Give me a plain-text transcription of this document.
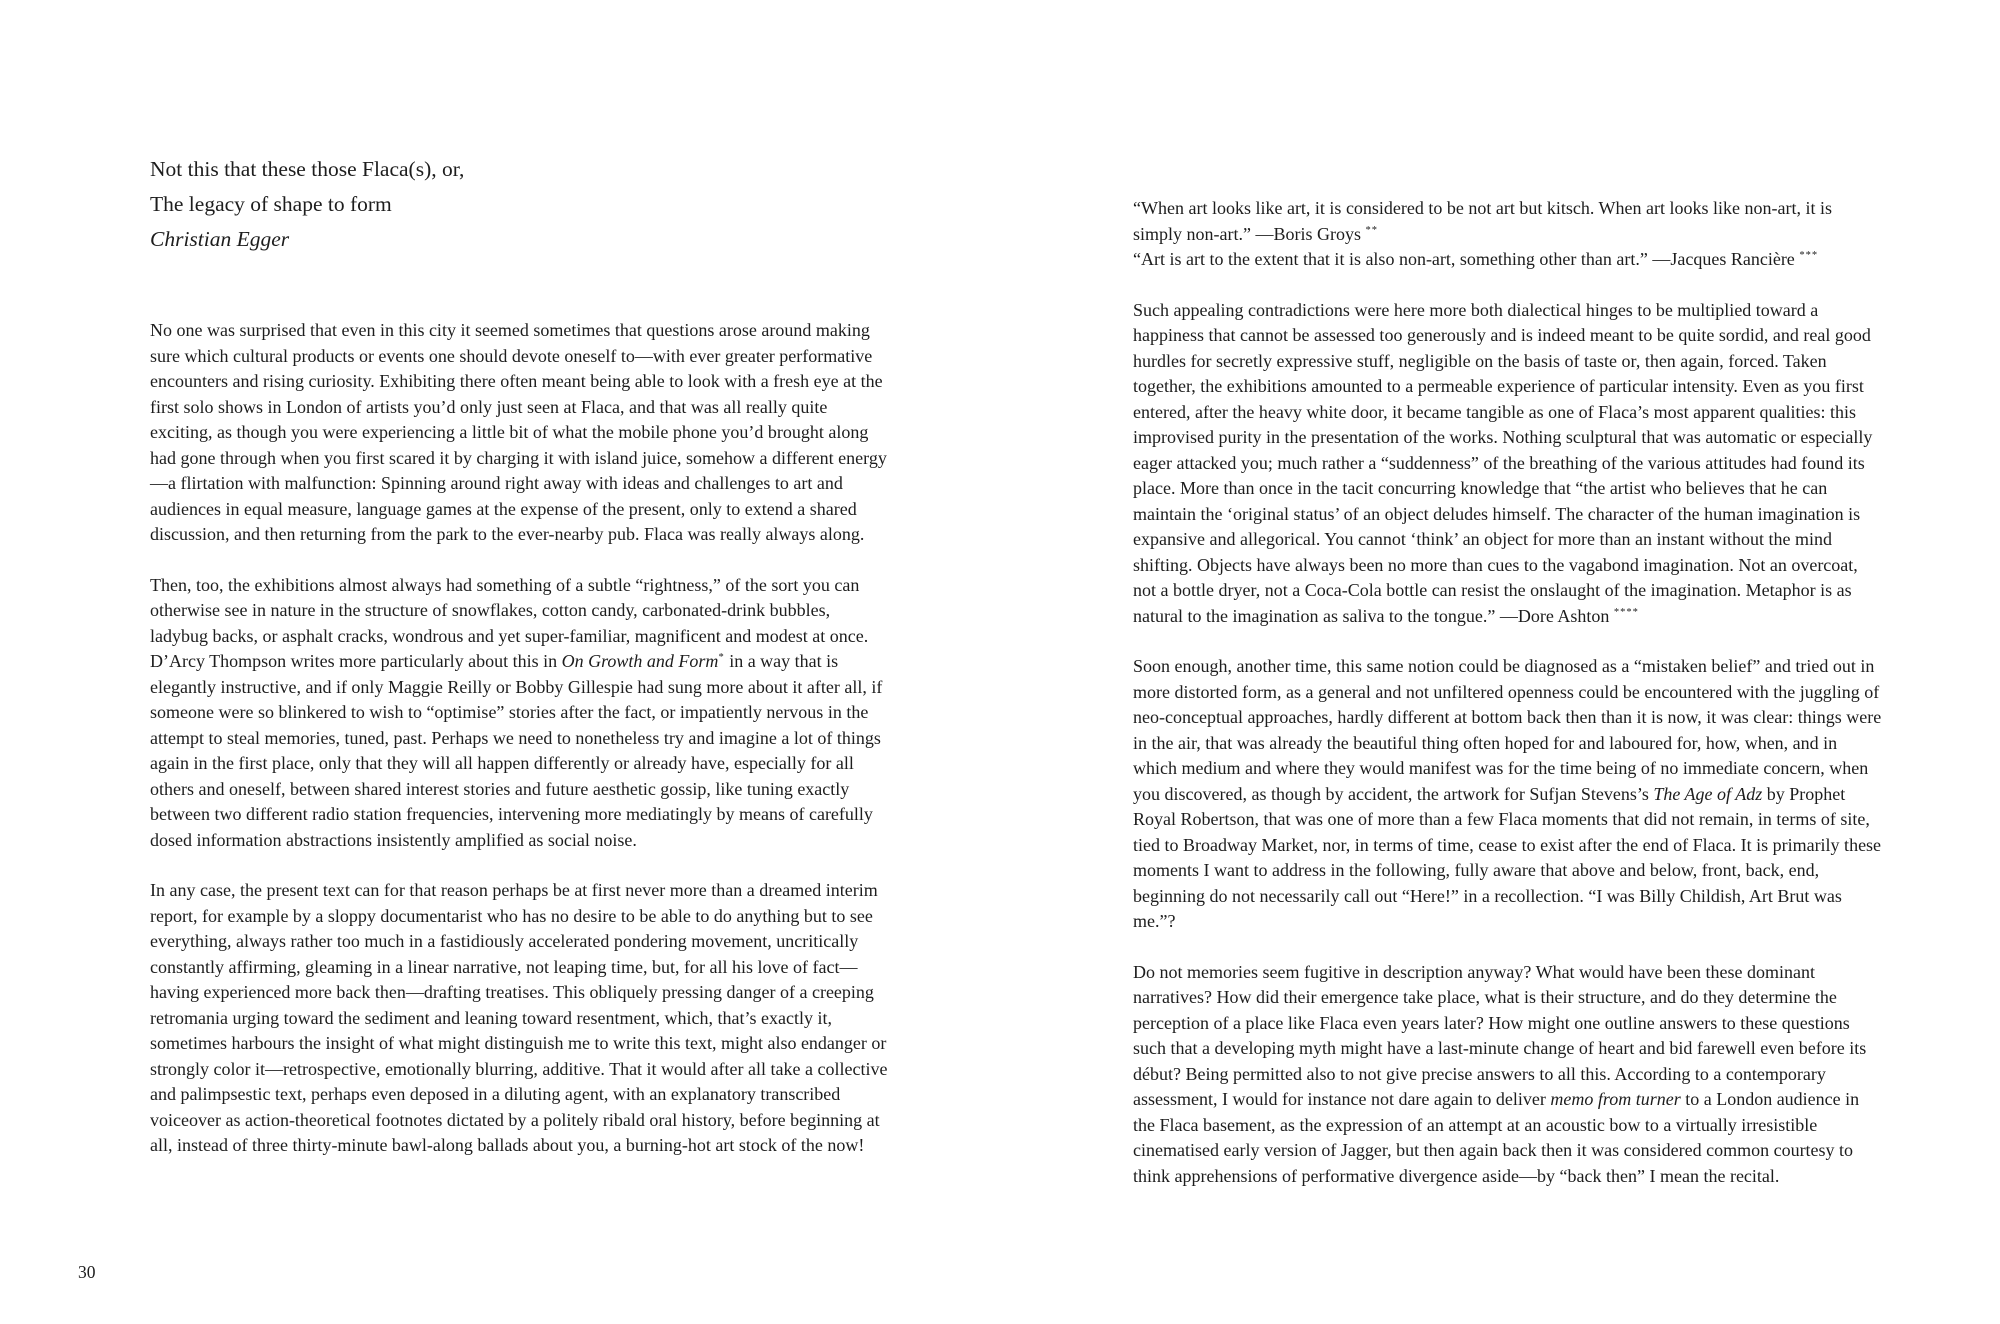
Not this that these those Flaca(s), or,
The legacy of shape to form
Christian Egger

No one was surprised that even in this city it seemed sometimes that questions arose around making sure which cultural products or events one should devote oneself to—with ever greater performative encounters and rising curiosity. Exhibiting there often meant being able to look with a fresh eye at the first solo shows in London of artists you’d only just seen at Flaca, and that was all really quite exciting, as though you were experiencing a little bit of what the mobile phone you’d brought along had gone through when you first scared it by charging it with island juice, somehow a different energy—a flirtation with malfunction: Spinning around right away with ideas and challenges to art and audiences in equal measure, language games at the expense of the present, only to extend a shared discussion, and then returning from the park to the ever-nearby pub. Flaca was really always along.

Then, too, the exhibitions almost always had something of a subtle “rightness,” of the sort you can otherwise see in nature in the structure of snowflakes, cotton candy, carbonated-drink bubbles, ladybug backs, or asphalt cracks, wondrous and yet super-familiar, magnificent and modest at once. D’Arcy Thompson writes more particularly about this in On Growth and Form* in a way that is elegantly instructive, and if only Maggie Reilly or Bobby Gillespie had sung more about it after all, if someone were so blinkered to wish to “optimise” stories after the fact, or impatiently nervous in the attempt to steal memories, tuned, past. Perhaps we need to nonetheless try and imagine a lot of things again in the first place, only that they will all happen differently or already have, especially for all others and oneself, between shared interest stories and future aesthetic gossip, like tuning exactly between two different radio station frequencies, intervening more mediatingly by means of carefully dosed information abstractions insistently amplified as social noise.

In any case, the present text can for that reason perhaps be at first never more than a dreamed interim report, for example by a sloppy documentarist who has no desire to be able to do anything but to see everything, always rather too much in a fastidiously accelerated pondering movement, uncritically constantly affirming, gleaming in a linear narrative, not leaping time, but, for all his love of fact—having experienced more back then—drafting treatises. This obliquely pressing danger of a creeping retromania urging toward the sediment and leaning toward resentment, which, that’s exactly it, sometimes harbours the insight of what might distinguish me to write this text, might also endanger or strongly color it—retrospective, emotionally blurring, additive. That it would after all take a collective and palimpsestic text, perhaps even deposed in a diluting agent, with an explanatory transcribed voiceover as action-theoretical footnotes dictated by a politely ribald oral history, before beginning at all, instead of three thirty-minute bawl-along ballads about you, a burning-hot art stock of the now!

“When art looks like art, it is considered to be not art but kitsch. When art looks like non-art, it is simply non-art.” —Boris Groys **

“Art is art to the extent that it is also non-art, something other than art.” —Jacques Rancière ***

Such appealing contradictions were here more both dialectical hinges to be multiplied toward a happiness that cannot be assessed too generously and is indeed meant to be quite sordid, and real good hurdles for secretly expressive stuff, negligible on the basis of taste or, then again, forced. Taken together, the exhibitions amounted to a permeable experience of particular intensity. Even as you first entered, after the heavy white door, it became tangible as one of Flaca’s most apparent qualities: this improvised purity in the presentation of the works. Nothing sculptural that was automatic or especially eager attacked you; much rather a “suddenness” of the breathing of the various attitudes had found its place. More than once in the tacit concurring knowledge that “the artist who believes that he can maintain the ‘original status’ of an object deludes himself. The character of the human imagination is expansive and allegorical. You cannot ‘think’ an object for more than an instant without the mind shifting. Objects have always been no more than cues to the vagabond imagination. Not an overcoat, not a bottle dryer, not a Coca-Cola bottle can resist the onslaught of the imagination. Metaphor is as natural to the imagination as saliva to the tongue.” —Dore Ashton ****

Soon enough, another time, this same notion could be diagnosed as a “mistaken belief” and tried out in more distorted form, as a general and not unfiltered openness could be encountered with the juggling of neo-conceptual approaches, hardly different at bottom back then than it is now, it was clear: things were in the air, that was already the beautiful thing often hoped for and laboured for, how, when, and in which medium and where they would manifest was for the time being of no immediate concern, when you discovered, as though by accident, the artwork for Sufjan Stevens’s The Age of Adz by Prophet Royal Robertson, that was one of more than a few Flaca moments that did not remain, in terms of site, tied to Broadway Market, nor, in terms of time, cease to exist after the end of Flaca. It is primarily these moments I want to address in the following, fully aware that above and below, front, back, end, beginning do not necessarily call out “Here!” in a recollection. “I was Billy Childish, Art Brut was me.”?

Do not memories seem fugitive in description anyway? What would have been these dominant narratives? How did their emergence take place, what is their structure, and do they determine the perception of a place like Flaca even years later? How might one outline answers to these questions such that a developing myth might have a last-minute change of heart and bid farewell even before its début? Being permitted also to not give precise answers to all this. According to a contemporary assessment, I would for instance not dare again to deliver memo from turner to a London audience in the Flaca basement, as the expression of an attempt at an acoustic bow to a virtually irresistible cinematised early version of Jagger, but then again back then it was considered common courtesy to think apprehensions of performative divergence aside—by “back then” I mean the recital.

30
